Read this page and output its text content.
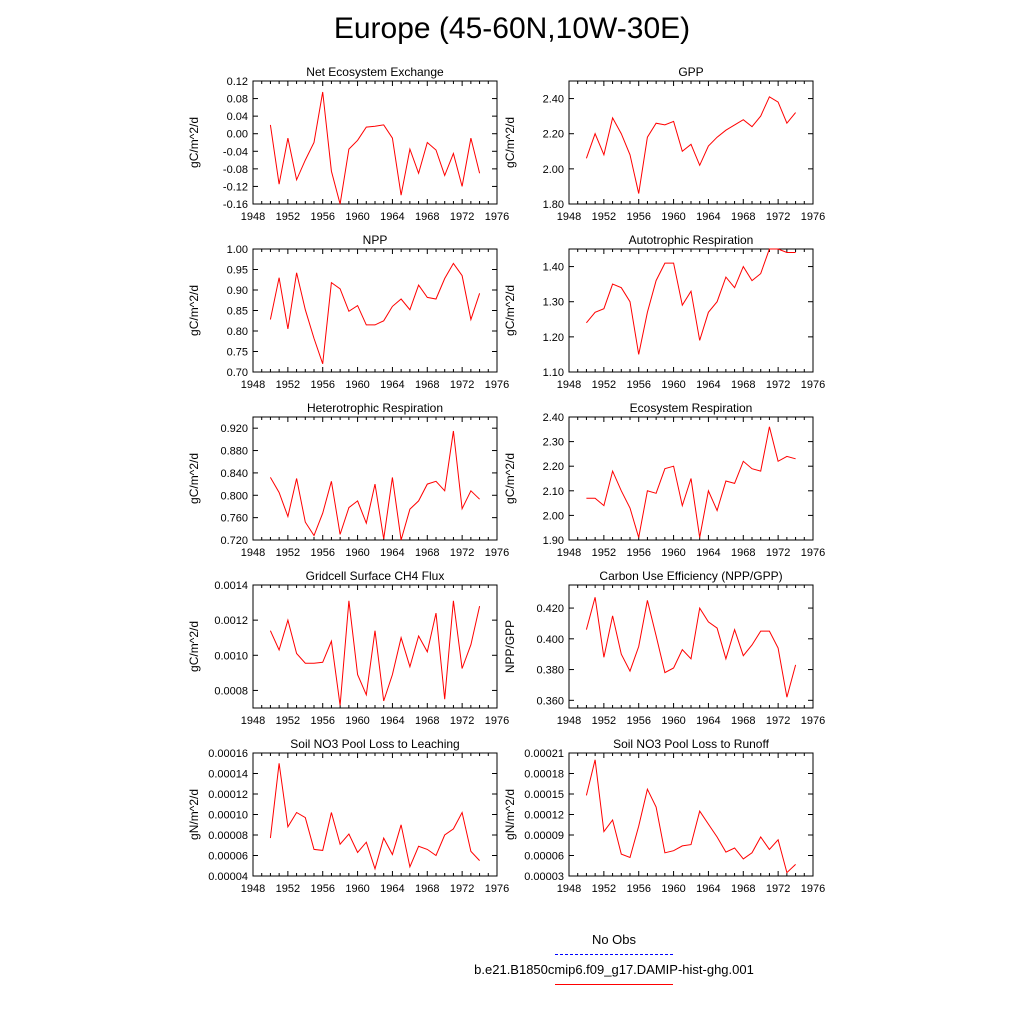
Europe (45-60N,10W-30E)
Net Ecosystem Exchange
gC/m^2/d
1948 1952 1956 1960 1964 1968 1972 1976
-0.16
-0.12
-0.08
-0.04
0.00
0.04
0.08
0.12
GPP
gC/m^2/d
1948 1952 1956 1960 1964 1968 1972 1976
1.80
2.00
2.20
2.40
NPP
gC/m^2/d
1948 1952 1956 1960 1964 1968 1972 1976
0.70
0.75
0.80
0.85
0.90
0.95
1.00
Autotrophic Respiration
gC/m^2/d
1948 1952 1956 1960 1964 1968 1972 1976
1.10
1.20
1.30
1.40
Heterotrophic Respiration
gC/m^2/d
1948 1952 1956 1960 1964 1968 1972 1976
0.720
0.760
0.800
0.840
0.880
0.920
Ecosystem Respiration
gC/m^2/d
1948 1952 1956 1960 1964 1968 1972 1976
1.90
2.00
2.10
2.20
2.30
2.40
Gridcell Surface CH4 Flux
gC/m^2/d
1948 1952 1956 1960 1964 1968 1972 1976
0.0008
0.0010
0.0012
0.0014
Carbon Use Efficiency (NPP/GPP)
NPP/GPP
1948 1952 1956 1960 1964 1968 1972 1976
0.360
0.380
0.400
0.420
Soil NO3 Pool Loss to Leaching
gN/m^2/d
1948 1952 1956 1960 1964 1968 1972 1976
0.00004
0.00006
0.00008
0.00010
0.00012
0.00014
0.00016
Soil NO3 Pool Loss to Runoff
gN/m^2/d
1948 1952 1956 1960 1964 1968 1972 1976
0.00003
0.00006
0.00009
0.00012
0.00015
0.00018
0.00021
No Obs
b.e21.B1850cmip6.f09_g17.DAMIP-hist-ghg.001
